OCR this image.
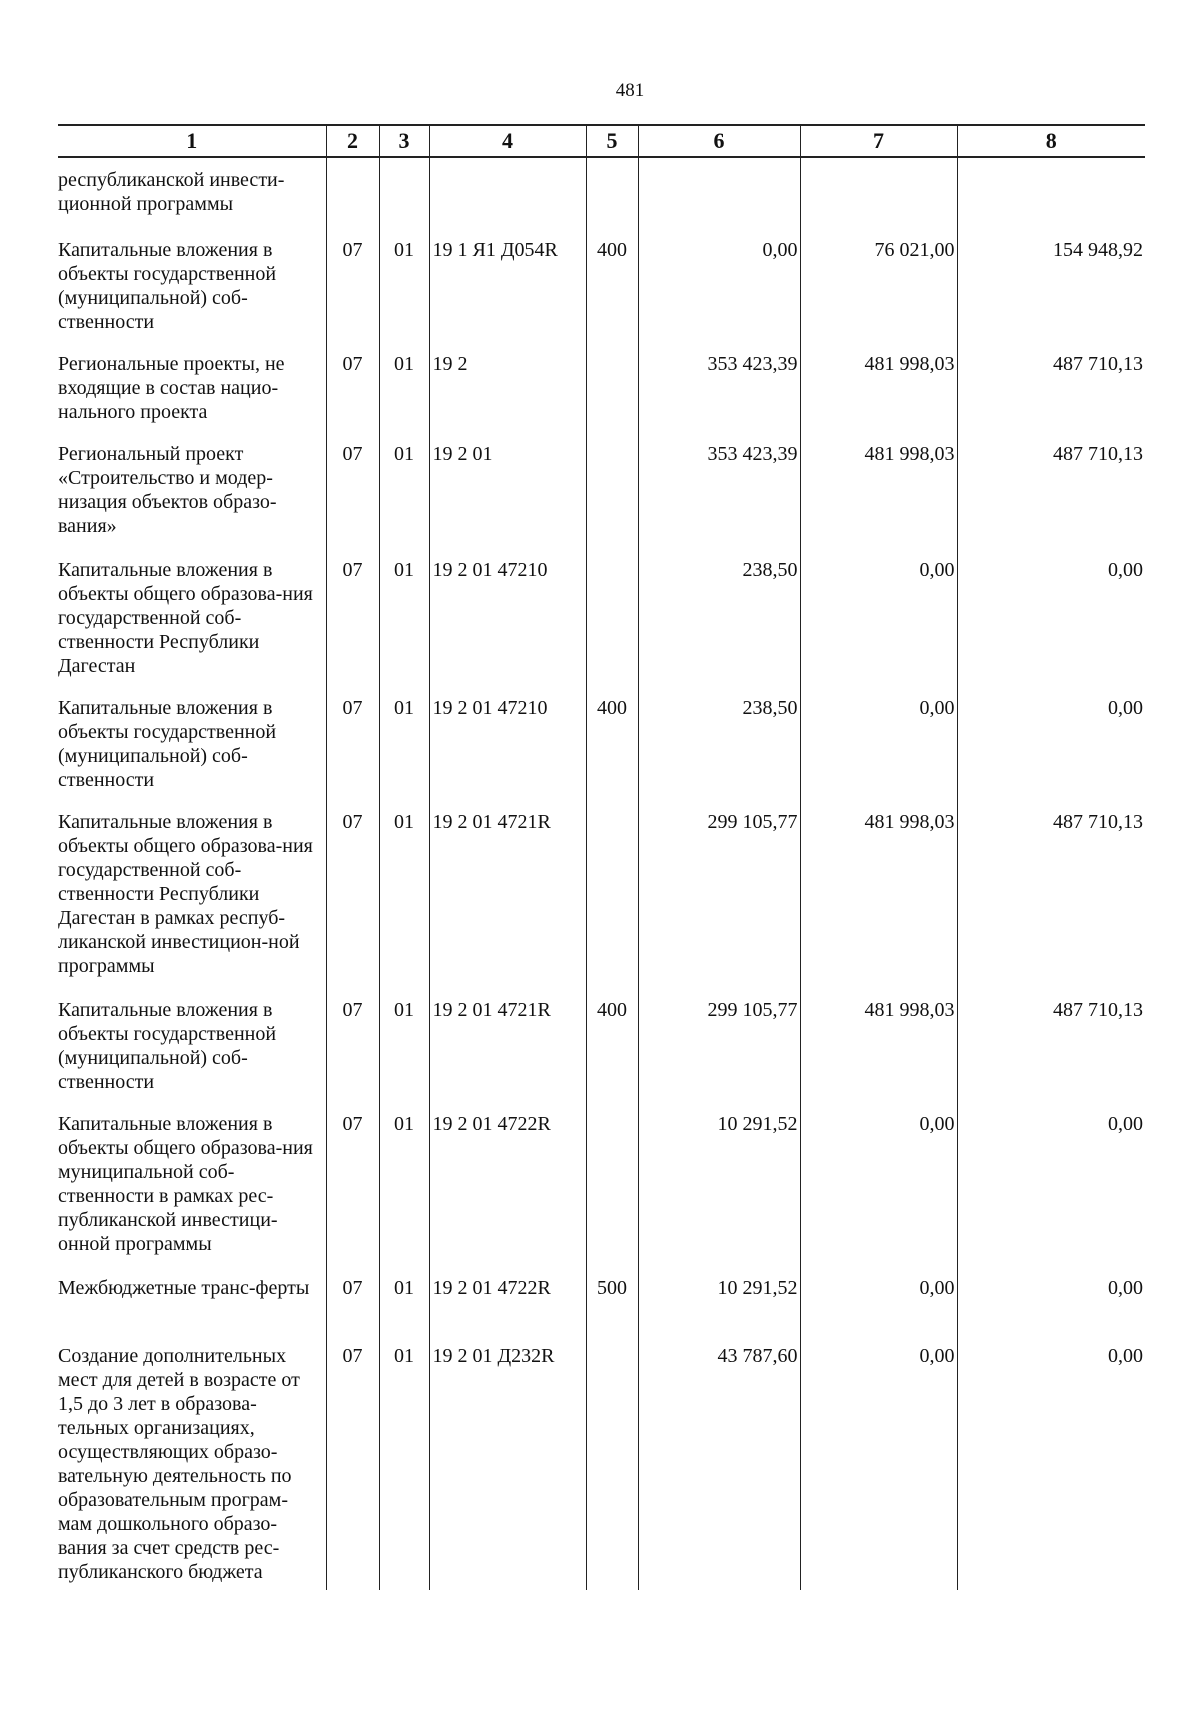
481
1	2	3	4	5	6	7	8
республиканской инвести-ционной программы							
Капитальные вложения в объекты государственной (муниципальной) соб-ственности	07	01	19 1 Я1 Д054R	400	0,00	76 021,00	154 948,92
Региональные проекты, не входящие в состав нацио-нального проекта	07	01	19 2		353 423,39	481 998,03	487 710,13
Региональный проект «Строительство и модер-низация объектов образо-вания»	07	01	19 2 01		353 423,39	481 998,03	487 710,13
Капитальные вложения в объекты общего образова-ния государственной соб-ственности Республики Дагестан	07	01	19 2 01 47210		238,50	0,00	0,00
Капитальные вложения в объекты государственной (муниципальной) соб-ственности	07	01	19 2 01 47210	400	238,50	0,00	0,00
Капитальные вложения в объекты общего образова-ния государственной соб-ственности Республики Дагестан в рамках респуб-ликанской инвестицион-ной программы	07	01	19 2 01 4721R		299 105,77	481 998,03	487 710,13
Капитальные вложения в объекты государственной (муниципальной) соб-ственности	07	01	19 2 01 4721R	400	299 105,77	481 998,03	487 710,13
Капитальные вложения в объекты общего образова-ния муниципальной соб-ственности в рамках рес-публиканской инвестици-онной программы	07	01	19 2 01 4722R		10 291,52	0,00	0,00
Межбюджетные транс-ферты	07	01	19 2 01 4722R	500	10 291,52	0,00	0,00
Создание дополнительных мест для детей в возрасте от 1,5 до 3 лет в образова-тельных организациях, осуществляющих образо-вательную деятельность по образовательным програм-мам дошкольного образо-вания за счет средств рес-публиканского бюджета	07	01	19 2 01 Д232R		43 787,60	0,00	0,00
